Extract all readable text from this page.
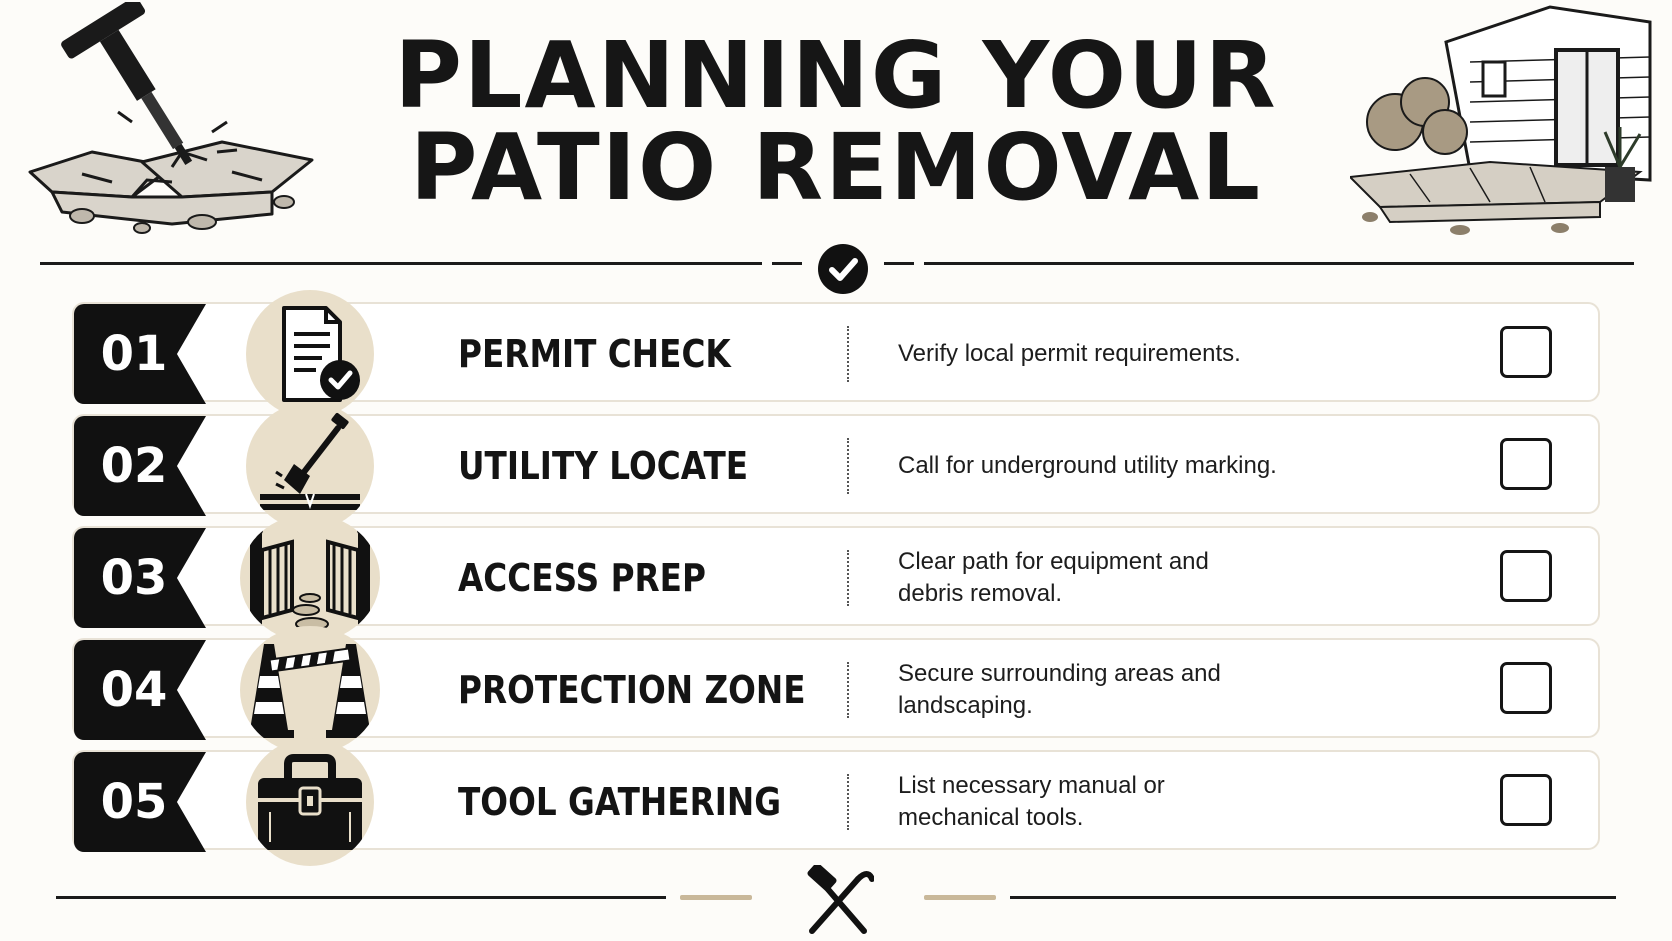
PLANNING YOUR
PATIO REMOVAL
01	PERMIT CHECK	Verify local permit requirements.
02	UTILITY LOCATE	Call for underground utility marking.
03	ACCESS PREP	Clear path for equipment and debris removal.
04	PROTECTION ZONE	Secure surrounding areas and landscaping.
05	TOOL GATHERING	List necessary manual or mechanical tools.
